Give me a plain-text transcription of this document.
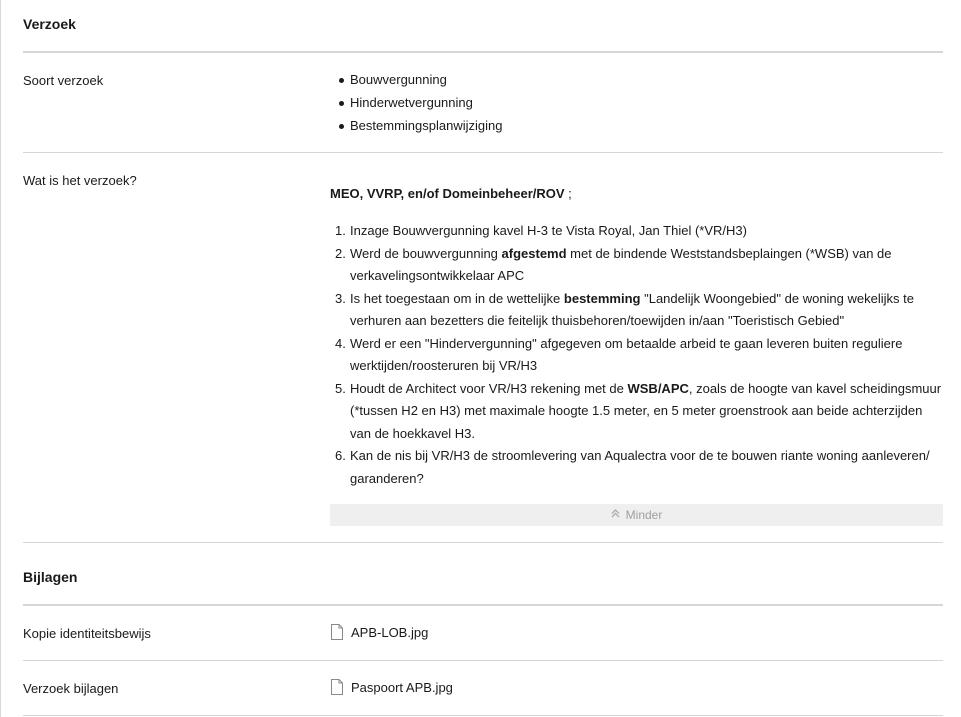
Verzoek
Soort verzoek	Bouwvergunning
Hinderwetvergunning
Bestemmingsplanwijziging
Wat is het verzoek?
MEO, VVRP, en/of Domeinbeheer/ROV ;
1. Inzage Bouwvergunning kavel H-3 te Vista Royal, Jan Thiel (*VR/H3)
2. Werd de bouwvergunning afgestemd met de bindende Weststandsbeplaingen (*WSB) van de verkavelingsontwikkelaar APC
3. Is het toegestaan om in de wettelijke bestemming "Landelijk Woongebied" de woning wekelijks te verhuren aan bezetters die feitelijk thuisbehoren/toewijden in/aan "Toeristisch Gebied"
4. Werd er een "Hindervergunning" afgegeven om betaalde arbeid te gaan leveren buiten reguliere werktijden/roosteruren bij VR/H3
5. Houdt de Architect voor VR/H3 rekening met de WSB/APC, zoals de hoogte van kavel scheidingsmuur (*tussen H2 en H3) met maximale hoogte 1.5 meter, en 5 meter groenstrook aan beide achterzijden van de hoekkavel H3.
6. Kan de nis bij VR/H3 de stroomlevering van Aqualectra voor de te bouwen riante woning aanleveren/ garanderen?
Minder
Bijlagen
Kopie identiteitsbewijs	APB-LOB.jpg
Verzoek bijlagen	Paspoort APB.jpg
